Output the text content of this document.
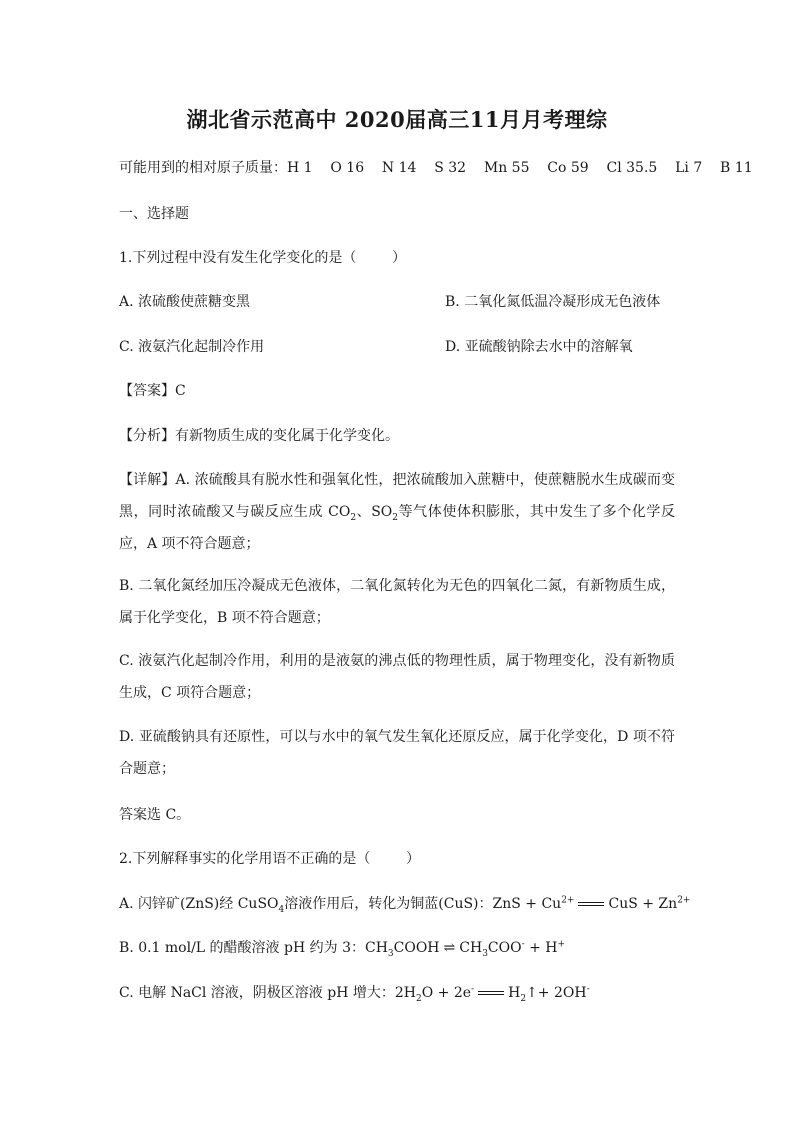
湖北省示范高中 2020届高三11月月考理综
可能用到的相对原子质量：H 1    O 16    N 14    S 32    Mn 55    Co 59    Cl 35.5    Li 7    B 11
一、选择题
1.下列过程中没有发生化学变化的是（        ）
A. 浓硫酸使蔗糖变黑	B. 二氧化氮低温冷凝形成无色液体
C. 液氨汽化起制冷作用	D. 亚硫酸钠除去水中的溶解氧
【答案】C
【分析】有新物质生成的变化属于化学变化。
【详解】A. 浓硫酸具有脱水性和强氧化性，把浓硫酸加入蔗糖中，使蔗糖脱水生成碳而变黑，同时浓硫酸又与碳反应生成 $CO_2$、$SO_2$等气体使体积膨胀，其中发生了多个化学反应，A 项不符合题意；
B. 二氧化氮经加压冷凝成无色液体，二氧化氮转化为无色的四氧化二氮，有新物质生成，属于化学变化，B 项不符合题意；
C. 液氨汽化起制冷作用，利用的是液氨的沸点低的物理性质，属于物理变化，没有新物质生成，C 项符合题意；
D. 亚硫酸钠具有还原性，可以与水中的氧气发生氧化还原反应，属于化学变化，D 项不符合题意；
答案选 C。
2.下列解释事实的化学用语不正确的是（        ）
A. 闪锌矿(ZnS)经 CuSO$_4$溶液作用后，转化为铜蓝(CuS)：ZnS + $Cu^{2+}$ CuS + $Zn^{2+}$
B. 0.1 mol/L 的醋酸溶液 pH 约为 3：$CH_3COOH$ ⇌ $CH_3COO^- + H^+$
C. 电解 NaCl 溶液，阴极区溶液 pH 增大：$2H_2O + 2e^-$ $H_2↑+ 2OH^-$
